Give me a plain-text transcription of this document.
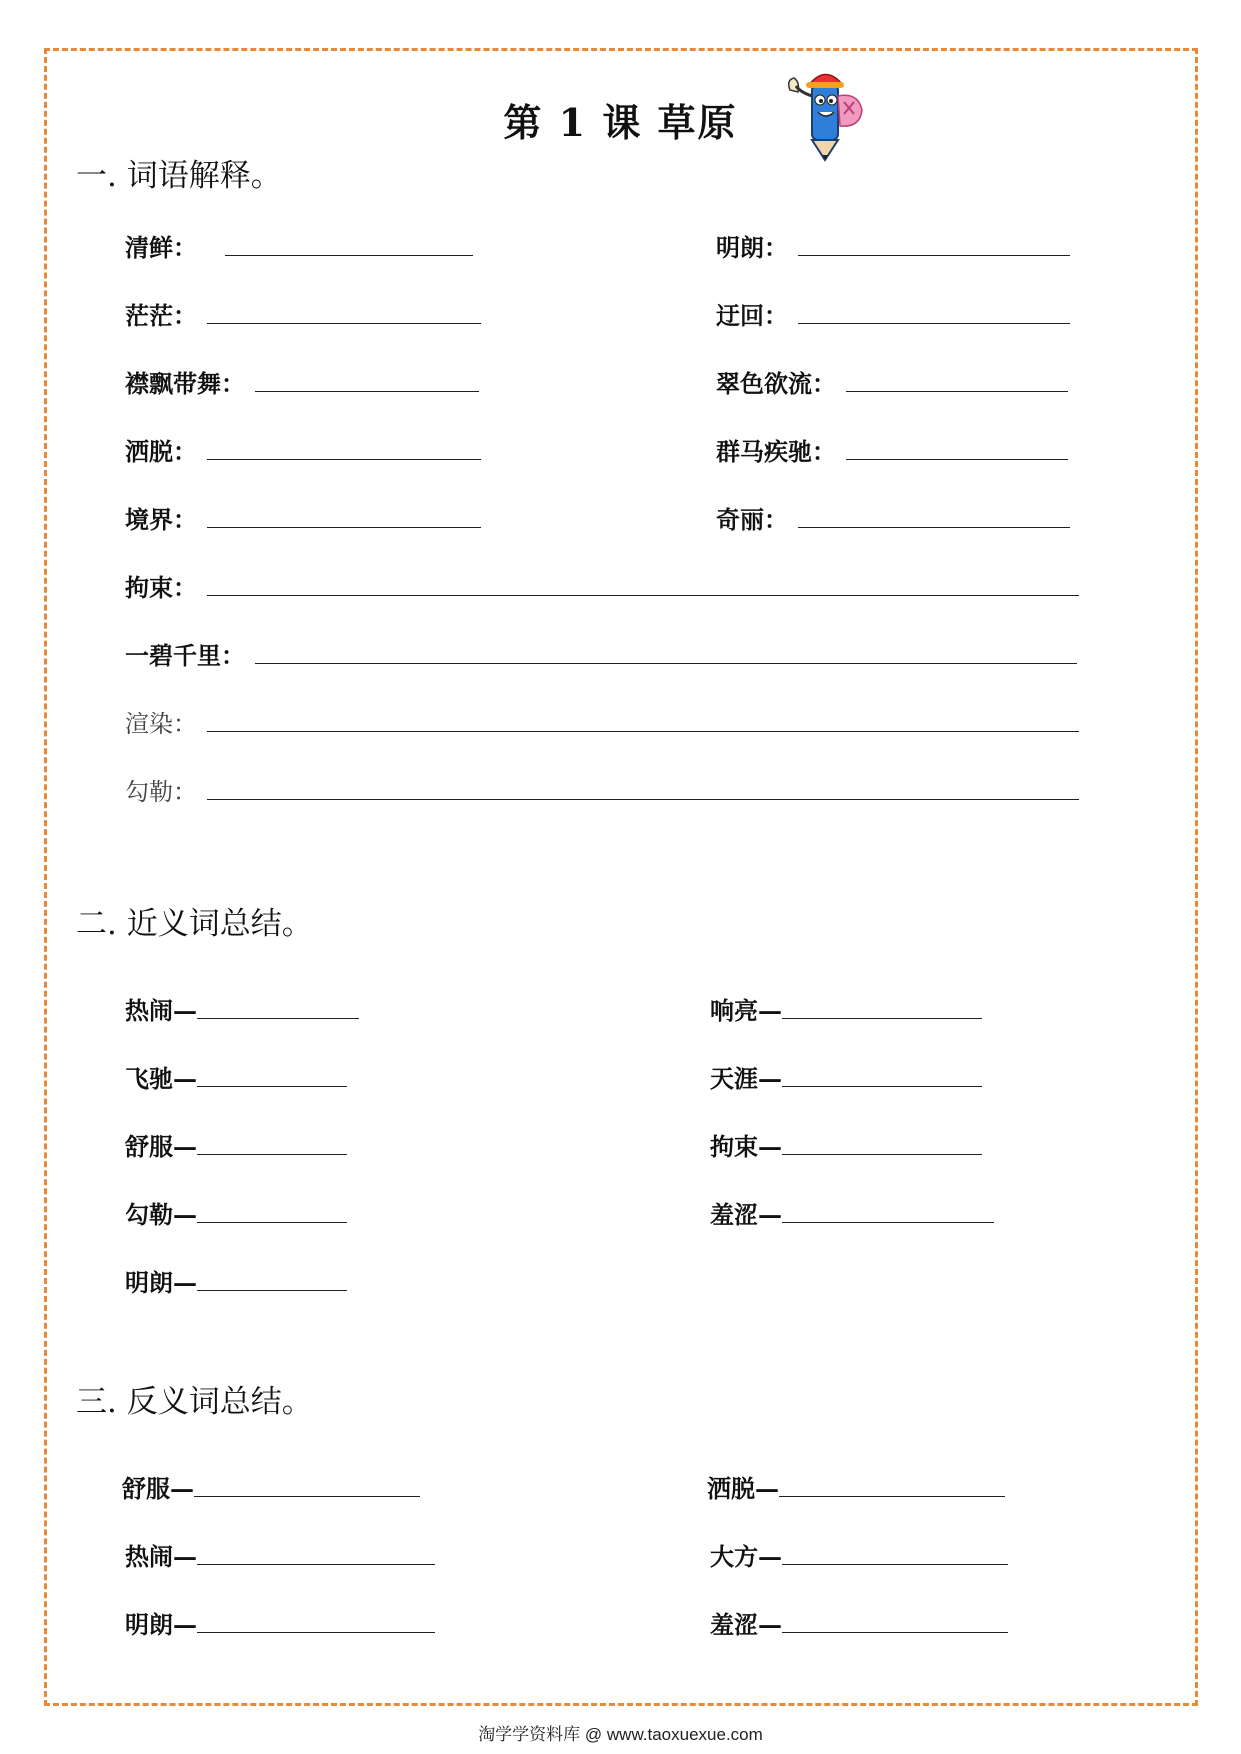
第 1 课 草原
一. 词语解释。
清鲜：	明朗：
茫茫：	迂回：
襟飘带舞：	翠色欲流：
洒脱：	群马疾驰：
境界：	奇丽：
拘束：
一碧千里：
渲染：
勾勒：
二. 近义词总结。
热闹—	响亮—
飞驰—	天涯—
舒服—	拘束—
勾勒—	羞涩—
明朗—
三. 反义词总结。
舒服—	洒脱—
热闹—	大方—
明朗—	羞涩—
淘学学资料库 @ www.taoxuexue.com
